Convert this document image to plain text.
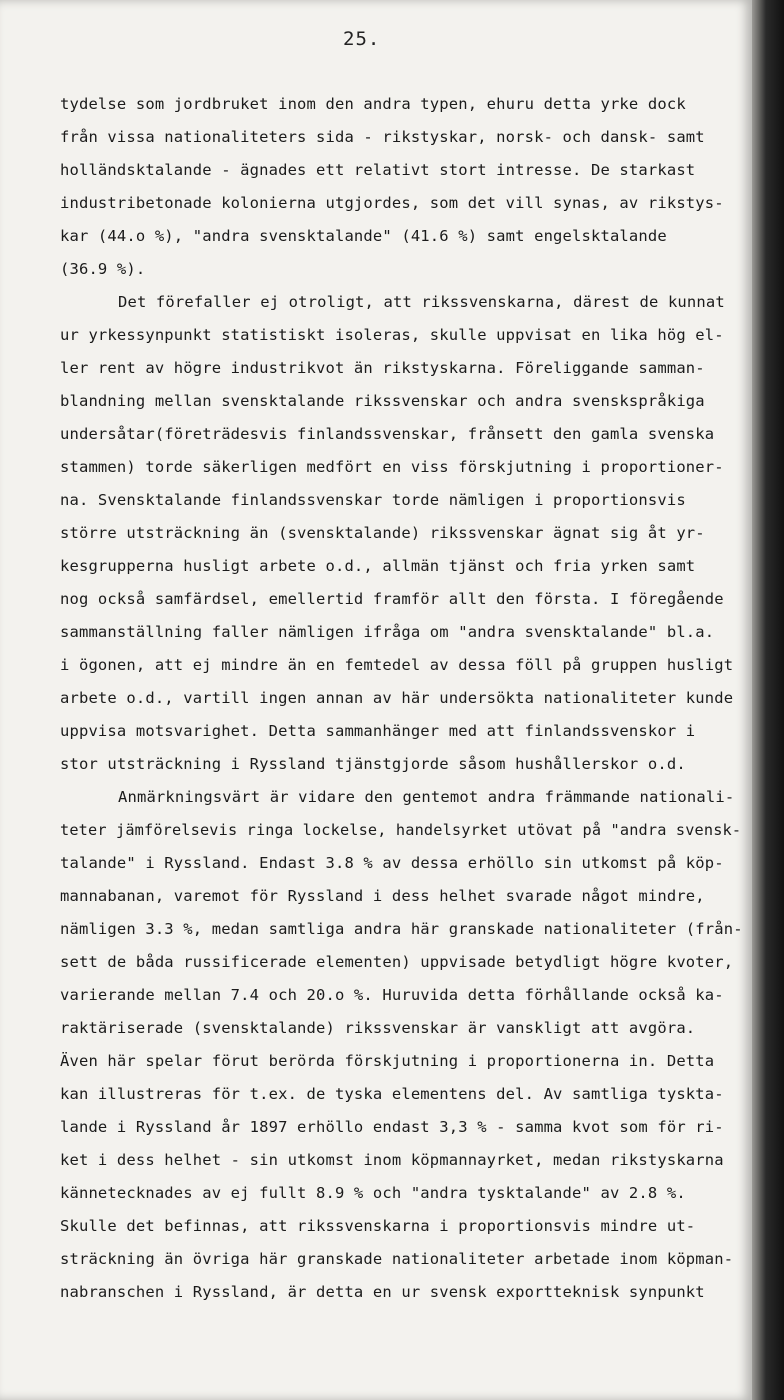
25.
tydelse som jordbruket inom den andra typen, ehuru detta yrke dock
från vissa nationaliteters sida - rikstyskar, norsk- och dansk- samt
holländsktalande - ägnades ett relativt stort intresse. De starkast
industribetonade kolonierna utgjordes, som det vill synas, av rikstys-
kar (44.o %), "andra svensktalande" (41.6 %) samt engelsktalande
(36.9 %).
Det förefaller ej otroligt, att rikssvenskarna, därest de kunnat
ur yrkessynpunkt statistiskt isoleras, skulle uppvisat en lika hög el-
ler rent av högre industrikvot än rikstyskarna. Föreliggande samman-
blandning mellan svensktalande rikssvenskar och andra svenskspråkiga
undersåtar(företrädesvis finlandssvenskar, frånsett den gamla svenska
stammen) torde säkerligen medfört en viss förskjutning i proportioner-
na. Svensktalande finlandssvenskar torde nämligen i proportionsvis
större utsträckning än (svensktalande) rikssvenskar ägnat sig åt yr-
kesgrupperna husligt arbete o.d., allmän tjänst och fria yrken samt
nog också samfärdsel, emellertid framför allt den första. I föregående
sammanställning faller nämligen ifråga om "andra svensktalande" bl.a.
i ögonen, att ej mindre än en femtedel av dessa föll på gruppen husligt
arbete o.d., vartill ingen annan av här undersökta nationaliteter kunde
uppvisa motsvarighet. Detta sammanhänger med att finlandssvenskor i
stor utsträckning i Ryssland tjänstgjorde såsom hushållerskor o.d.
Anmärkningsvärt är vidare den gentemot andra främmande nationali-
teter jämförelsevis ringa lockelse, handelsyrket utövat på "andra svensk-
talande" i Ryssland. Endast 3.8 % av dessa erhöllo sin utkomst på köp-
mannabanan, varemot för Ryssland i dess helhet svarade något mindre,
nämligen 3.3 %, medan samtliga andra här granskade nationaliteter (från-
sett de båda russificerade elementen) uppvisade betydligt högre kvoter,
varierande mellan 7.4 och 20.o %. Huruvida detta förhållande också ka-
raktäriserade (svensktalande) rikssvenskar är vanskligt att avgöra.
Även här spelar förut berörda förskjutning i proportionerna in. Detta
kan illustreras för t.ex. de tyska elementens del. Av samtliga tyskta-
lande i Ryssland år 1897 erhöllo endast 3,3 % - samma kvot som för ri-
ket i dess helhet - sin utkomst inom köpmannayrket, medan rikstyskarna
kännetecknades av ej fullt 8.9 % och "andra tysktalande" av 2.8 %.
Skulle det befinnas, att rikssvenskarna i proportionsvis mindre ut-
sträckning än övriga här granskade nationaliteter arbetade inom köpman-
nabranschen i Ryssland, är detta en ur svensk exportteknisk synpunkt
